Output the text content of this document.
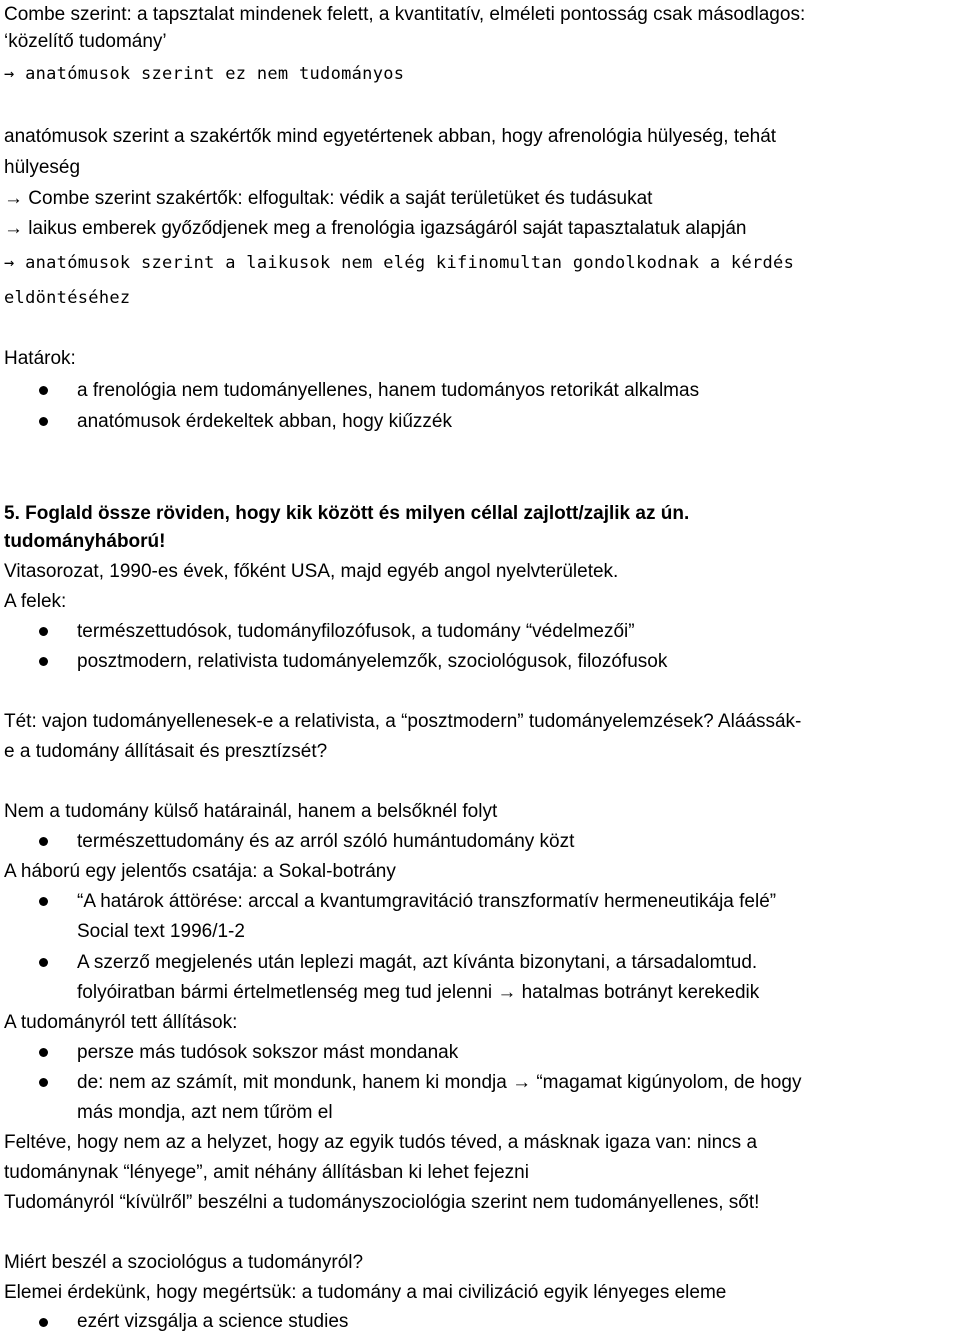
Combe szerint: a tapsztalat mindenek felett, a kvantitatív, elméleti pontosság csak másodlagos:
‘közelítő tudomány’
→ anatómusok szerint ez nem tudományos
anatómusok szerint a szakértők mind egyetértenek abban, hogy afrenológia hülyeség, tehát
hülyeség
→ Combe szerint szakértők: elfogultak: védik a saját területüket és tudásukat
→ laikus emberek győződjenek meg a frenológia igazságáról saját tapasztalatuk alapján
→ anatómusok szerint a laikusok nem elég kifinomultan gondolkodnak a kérdés
eldöntéséhez
Határok:
a frenológia nem tudományellenes, hanem tudományos retorikát alkalmas
anatómusok érdekeltek abban, hogy kiűzzék
5. Foglald össze röviden, hogy kik között és milyen céllal zajlott/zajlik az ún.
tudományháború!
Vitasorozat, 1990-es évek, főként USA, majd egyéb angol nyelvterületek.
A felek:
természettudósok, tudományfilozófusok, a tudomány “védelmezői”
posztmodern, relativista tudományelemzők, szociológusok, filozófusok
Tét: vajon tudományellenesek-e a relativista, a “posztmodern” tudományelemzések? Aláássák-
e a tudomány állításait és presztízsét?
Nem a tudomány külső határainál, hanem a belsőknél folyt
természettudomány és az arról szóló humántudomány közt
A háború egy jelentős csatája: a Sokal-botrány
“A határok áttörése: arccal a kvantumgravitáció transzformatív hermeneutikája felé”
Social text 1996/1-2
A szerző megjelenés után leplezi magát, azt kívánta bizonytani, a társadalomtud.
folyóiratban bármi értelmetlenség meg tud jelenni → hatalmas botrányt kerekedik
A tudományról tett állítások:
persze más tudósok sokszor mást mondanak
de: nem az számít, mit mondunk, hanem ki mondja → “magamat kigúnyolom, de hogy
más mondja, azt nem tűröm el
Feltéve, hogy nem az a helyzet, hogy az egyik tudós téved, a másknak igaza van: nincs a
tudománynak “lényege”, amit néhány állításban ki lehet fejezni
Tudományról “kívülről” beszélni a tudományszociológia szerint nem tudományellenes, sőt!
Miért beszél a szociológus a tudományról?
Elemei érdekünk, hogy megértsük: a tudomány a mai civilizáció egyik lényeges eleme
ezért vizsgálja a science studies
